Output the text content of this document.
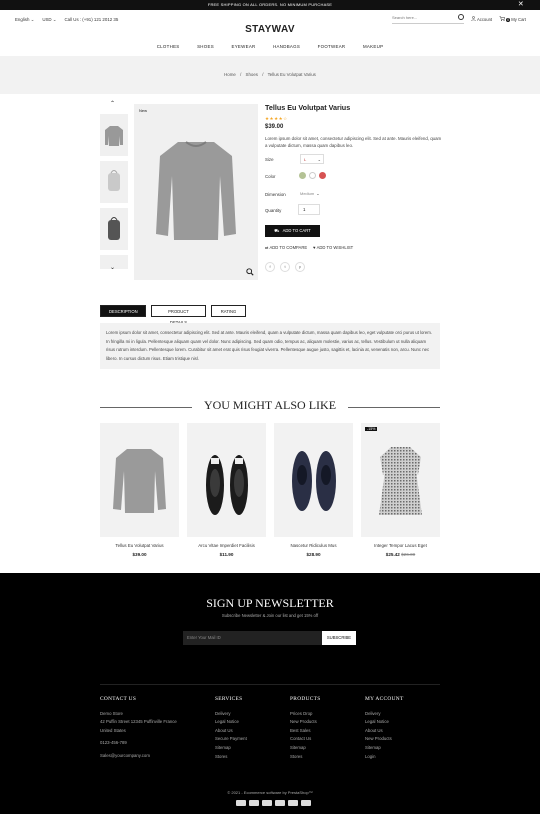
FREE SHIPPING ON ALL ORDERS. NO MINIMUM PURCHASE	✕
English ⌄ USD ⌄ Call Us : (+91) 121 2012 35
STAYWAV
Search here...	Account	0 My Cart
CLOTHES	SHOES	EYEWEAR	HANDBAGS	FOOTWEAR	MAKEUP
Home / Shoes / Tellus Eu Volutpat Varius
⌃
⌄
New	Tellus Eu Volutpat Varius
★★★★☆
$39.00
Lorem ipsum dolor sit amet, consectetur adipiscing elit. Sed at ante. Mauris eleifend, quam a vulputate dictum, massa quam dapibus leo.
Size	L	⌄
Color
Dimension	Medium ⌄
Quantity	1
⛟ ADD TO CART
⇄ ADD TO COMPARE ♥ ADD TO WISHLIST
f	t	p
DESCRIPTION	PRODUCT	RATING
Lorem ipsum dolor sit amet, consectetur adipiscing elit. Sed at ante. Mauris eleifend, quam a vulputate dictum, massa quam dapibus leo, eget vulputate orci purus ut lorem. In fringilla mi in ligula. Pellentesque aliquam quam vel dolor. Nunc adipiscing. Sed quam odio, tempus ac, aliquam molestie, varius ac, tellus. Vestibulum ut nulla aliquam risus rutrum interdum. Pellentesque lorem. Curabitur sit amet erat quis risus feugiat viverra. Pellentesque augue justo, sagittis et, lacinia at, venenatis non, arcu. Nunc nec libero. In cursus dictum risus. Etiam tristique nisl.
YOU MIGHT ALSO LIKE
Tellus Eu Volutpat Varius
$39.00
Arcu Vitae Imperdiet Facilisis
$11.90
Nascetur Ridiculus Mus
$28.90
-15%
Integer Tempor Lacus Eget
$25.42 $26.00
SIGN UP NEWSLETTER
Subscribe Newsletter & Join our list and get 15% off
Enter Your Mail ID	SUBSCRIBE
CONTACT US
Demo Store
42 Puffin Street 12345 Puffinville France
United States
0123-456-789
Sales@yourcompany.com
SERVICES
Delivery
Legal Notice
About Us
Secure Payment
Sitemap
Stores
PRODUCTS
Prices Drop
New Products
Best Sales
Contact Us
Sitemap
Stores
MY ACCOUNT
Delivery
Legal Notice
About Us
New Products
Sitemap
Login
© 2021 - Ecommerce software by PrestaShop™
